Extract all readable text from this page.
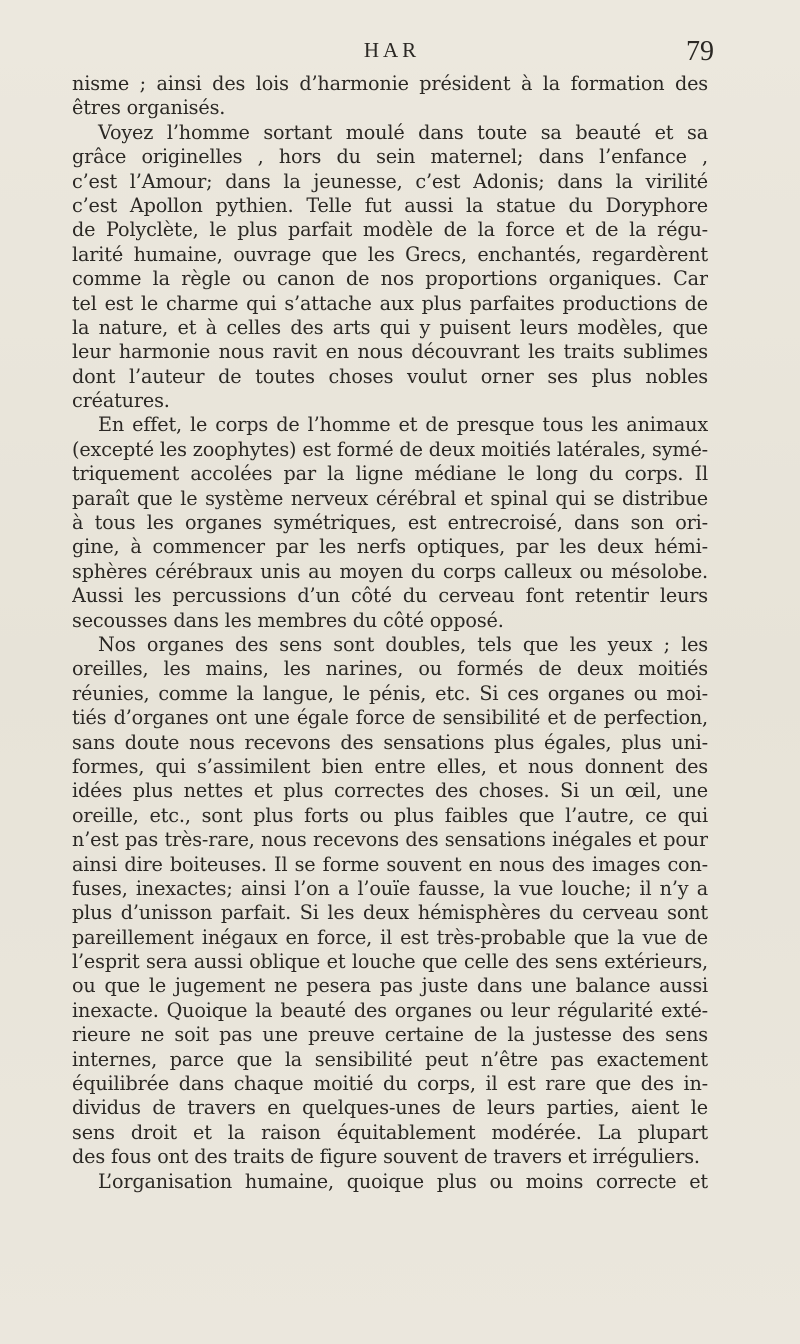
HAR	79
nisme ; ainsi des lois d’harmonie président à la formation des
êtres organisés.
Voyez l’homme sortant moulé dans toute sa beauté et sa
grâce originelles , hors du sein maternel; dans l’enfance ,
c’est l’Amour; dans la jeunesse, c’est Adonis; dans la virilité
c’est Apollon pythien. Telle fut aussi la statue du Doryphore
de Polyclète, le plus parfait modèle de la force et de la régu-
larité humaine, ouvrage que les Grecs, enchantés, regardèrent
comme la règle ou canon de nos proportions organiques. Car
tel est le charme qui s’attache aux plus parfaites productions de
la nature, et à celles des arts qui y puisent leurs modèles, que
leur harmonie nous ravit en nous découvrant les traits sublimes
dont l’auteur de toutes choses voulut orner ses plus nobles
créatures.
En effet, le corps de l’homme et de presque tous les animaux
(excepté les zoophytes) est formé de deux moitiés latérales, symé-
triquement accolées par la ligne médiane le long du corps. Il
paraît que le système nerveux cérébral et spinal qui se distribue
à tous les organes symétriques, est entrecroisé, dans son ori-
gine, à commencer par les nerfs optiques, par les deux hémi-
sphères cérébraux unis au moyen du corps calleux ou mésolobe.
Aussi les percussions d’un côté du cerveau font retentir leurs
secousses dans les membres du côté opposé.
Nos organes des sens sont doubles, tels que les yeux ; les
oreilles, les mains, les narines, ou formés de deux moitiés
réunies, comme la langue, le pénis, etc. Si ces organes ou moi-
tiés d’organes ont une égale force de sensibilité et de perfection,
sans doute nous recevons des sensations plus égales, plus uni-
formes, qui s’assimilent bien entre elles, et nous donnent des
idées plus nettes et plus correctes des choses. Si un œil, une
oreille, etc., sont plus forts ou plus faibles que l’autre, ce qui
n’est pas très-rare, nous recevons des sensations inégales et pour
ainsi dire boiteuses. Il se forme souvent en nous des images con-
fuses, inexactes; ainsi l’on a l’ouïe fausse, la vue louche; il n’y a
plus d’unisson parfait. Si les deux hémisphères du cerveau sont
pareillement inégaux en force, il est très-probable que la vue de
l’esprit sera aussi oblique et louche que celle des sens extérieurs,
ou que le jugement ne pesera pas juste dans une balance aussi
inexacte. Quoique la beauté des organes ou leur régularité exté-
rieure ne soit pas une preuve certaine de la justesse des sens
internes, parce que la sensibilité peut n’être pas exactement
équilibrée dans chaque moitié du corps, il est rare que des in-
dividus de travers en quelques-unes de leurs parties, aient le
sens droit et la raison équitablement modérée. La plupart
des fous ont des traits de figure souvent de travers et irréguliers.
L’organisation humaine, quoique plus ou moins correcte et
